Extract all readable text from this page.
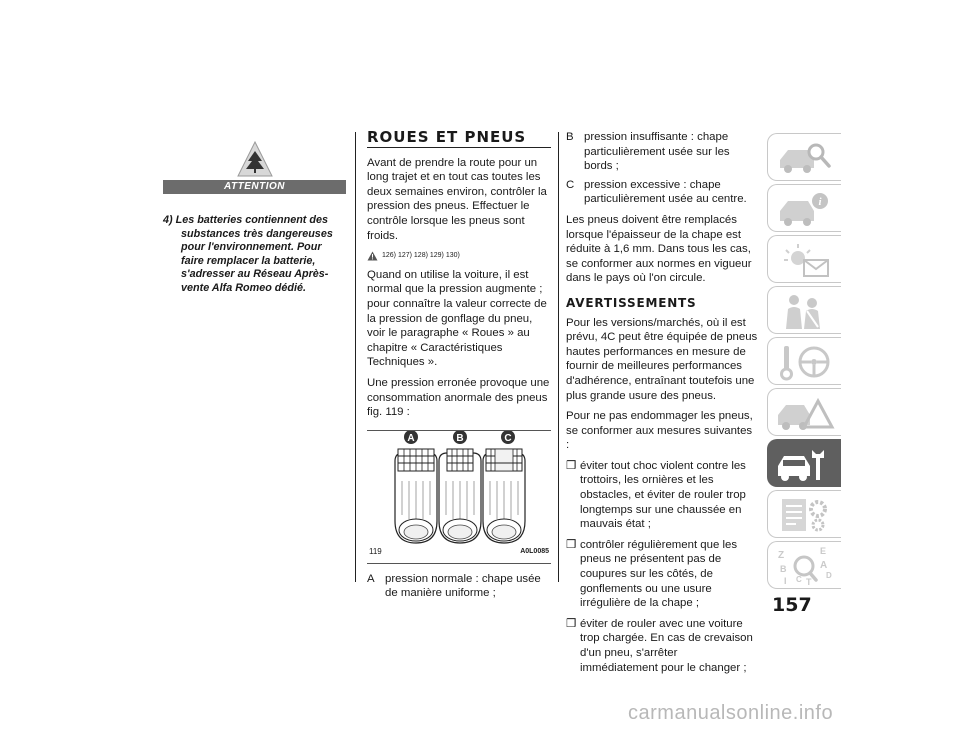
ATTENTION
4) Les batteries contiennent des substances très dangereuses pour l'environnement. Pour faire remplacer la batterie, s'adresser au Réseau Après-vente Alfa Romeo dédié.
ROUES ET PNEUS

Avant de prendre la route pour un long trajet et en tout cas toutes les deux semaines environ, contrôler la pression des pneus. Effectuer le contrôle lorsque les pneus sont froids.

126) 127) 128) 129) 130)

Quand on utilise la voiture, il est normal que la pression augmente ; pour connaître la valeur correcte de la pression de gonflage du pneu, voir le paragraphe « Roues » au chapitre « Caractéristiques Techniques ».

Une pression erronée provoque une consommation anormale des pneus fig. 119 :

A	B	C
119	A0L0085
A pression normale : chape usée de manière uniforme ;
B pression insuffisante : chape particulièrement usée sur les bords ;
C pression excessive : chape particulièrement usée au centre.

Les pneus doivent être remplacés lorsque l'épaisseur de la chape est réduite à 1,6 mm. Dans tous les cas, se conformer aux normes en vigueur dans le pays où l'on circule.

AVERTISSEMENTS

Pour les versions/marchés, où il est prévu, 4C peut être équipée de pneus hautes performances en mesure de fournir de meilleures performances d'adhérence, entraînant toutefois une plus grande usure des pneus.

Pour ne pas endommager les pneus, se conformer aux mesures suivantes :

❒ éviter tout choc violent contre les trottoirs, les ornières et les obstacles, et éviter de rouler trop longtemps sur une chaussée en mauvais état ;
❒ contrôler régulièrement que les pneus ne présentent pas de coupures sur les côtés, de gonflements ou une usure irrégulière de la chape ;
❒ éviter de rouler avec une voiture trop chargée. En cas de crevaison d'un pneu, s'arrêter immédiatement pour le changer ;
i
Z	E
B	A
D
I C T
157
carmanualsonline.info
